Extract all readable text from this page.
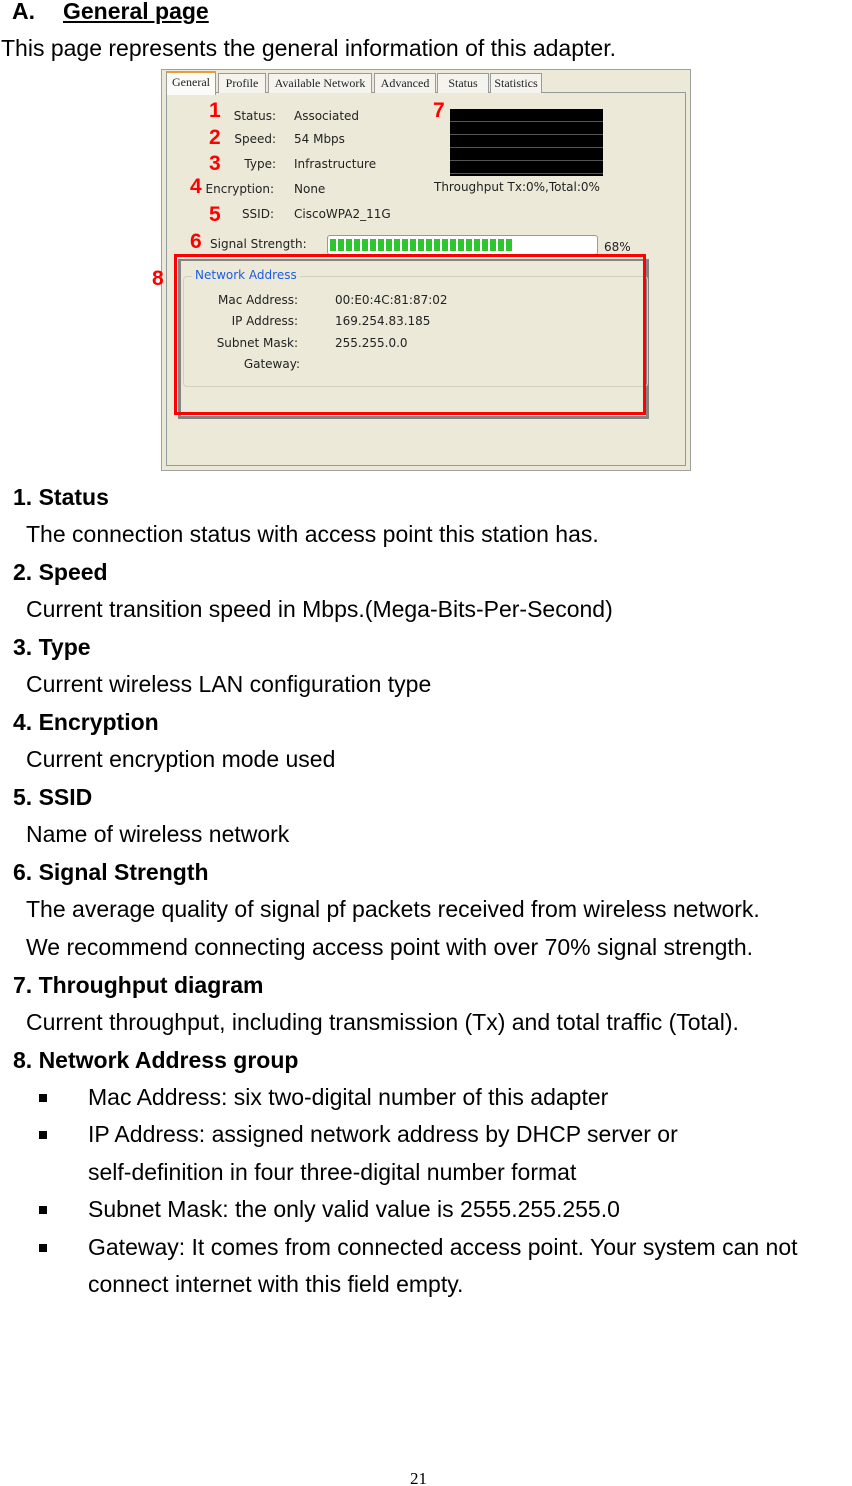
A. General page
This page represents the general information of this adapter.
General	Profile	Available Network	Advanced	Status	Statistics
1
2
3
4
5
6
7
8
Status: Associated
Speed: 54 Mbps
Type: Infrastructure
Encryption: None
SSID: CiscoWPA2_11G
Throughput Tx:0%,Total:0%
Signal Strength:	68%
Network Address
Mac Address:	00:E0:4C:81:87:02
IP Address:	169.254.83.185
Subnet Mask:	255.255.0.0
Gateway:
1. Status
The connection status with access point this station has.
2. Speed
Current transition speed in Mbps.(Mega-Bits-Per-Second)
3. Type
Current wireless LAN configuration type
4. Encryption
Current encryption mode used
5. SSID
Name of wireless network
6. Signal Strength
The average quality of signal pf packets received from wireless network.
We recommend connecting access point with over 70% signal strength.
7. Throughput diagram
Current throughput, including transmission (Tx) and total traffic (Total).
8. Network Address group
Mac Address: six two-digital number of this adapter
IP Address: assigned network address by DHCP server or
self-definition in four three-digital number format
Subnet Mask: the only valid value is 2555.255.255.0
Gateway: It comes from connected access point. Your system can not
connect internet with this field empty.
21
